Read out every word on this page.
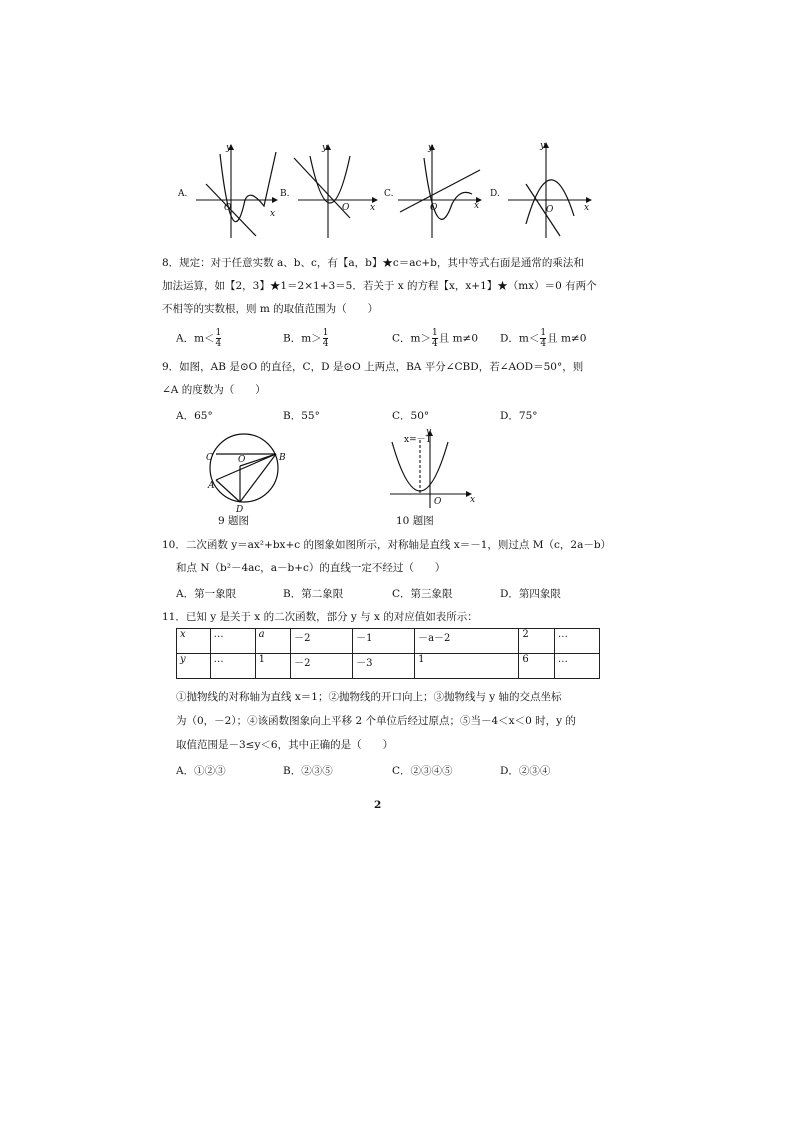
A.
y
O
x
B.
y
O x
C.
y
O	x
D.
y
O	x
8．规定：对于任意实数 a、b、c，有【a，b】★c＝ac+b，其中等式右面是通常的乘法和
加法运算，如【2，3】★1＝2×1+3＝5．若关于 x 的方程【x，x+1】★（mx）＝0 有两个
不相等的实数根，则 m 的取值范围为（　　）
A．$m< \frac{1}{4}$	B．$m> \frac{1}{4}$	C．$m> \frac{1}{4}$ 且 m≠0 D．$m< \frac{1}{4}$ 且 m≠0
9．如图，AB 是⊙O 的直径，C，D 是⊙O 上两点，BA 平分∠CBD，若∠AOD＝50°，则
∠A 的度数为（　　）
A．65°	B．55°	C．50°	D．75°
C	O	B
A
D
9 题图
x=－1
y
O	x
10 题图
10．二次函数 y＝ax²+bx+c 的图象如图所示，对称轴是直线 x＝－1，则过点 M（c，2a－b）
和点 N（b²－4ac，a－b+c）的直线一定不经过（　　）
A．第一象限	B．第二象限	C．第三象限	D．第四象限
11．已知 y 是关于 x 的二次函数，部分 y 与 x 的对应值如表所示：
x	…	a	－2	－1	－a－2	2	…
y	…	1	－2	－3	1	6	…
①抛物线的对称轴为直线 x＝1；②抛物线的开口向上；③抛物线与 y 轴的交点坐标
为（0，－2）；④该函数图象向上平移 2 个单位后经过原点；⑤当－4＜x＜0 时，y 的
取值范围是－3≤y＜6，其中正确的是（　　）
A．①②③	B．②③⑤	C．②③④⑤	D．②③④
2
